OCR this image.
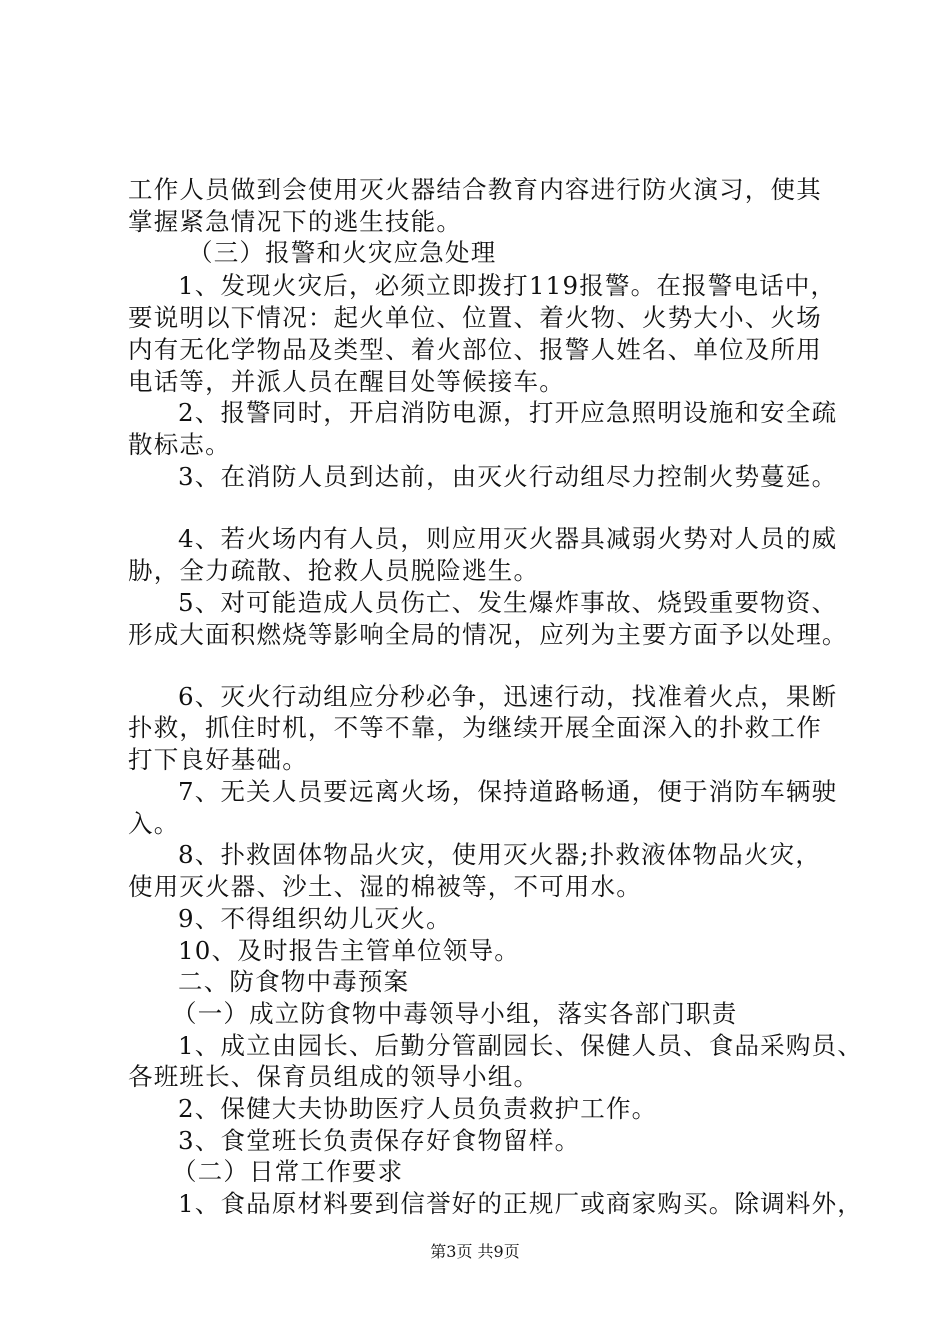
工作人员做到会使用灭火器结合教育内容进行防火演习，使其
掌握紧急情况下的逃生技能。
（三）报警和火灾应急处理
1、发现火灾后，必须立即拨打119报警。在报警电话中，
要说明以下情况：起火单位、位置、着火物、火势大小、火场
内有无化学物品及类型、着火部位、报警人姓名、单位及所用
电话等，并派人员在醒目处等候接车。
2、报警同时，开启消防电源，打开应急照明设施和安全疏
散标志。
3、在消防人员到达前，由灭火行动组尽力控制火势蔓延。
4、若火场内有人员，则应用灭火器具减弱火势对人员的威
胁，全力疏散、抢救人员脱险逃生。
5、对可能造成人员伤亡、发生爆炸事故、烧毁重要物资、
形成大面积燃烧等影响全局的情况，应列为主要方面予以处理。
6、灭火行动组应分秒必争，迅速行动，找准着火点，果断
扑救，抓住时机，不等不靠，为继续开展全面深入的扑救工作
打下良好基础。
7、无关人员要远离火场，保持道路畅通，便于消防车辆驶
入。
8、扑救固体物品火灾，使用灭火器;扑救液体物品火灾，
使用灭火器、沙土、湿的棉被等，不可用水。
9、不得组织幼儿灭火。
10、及时报告主管单位领导。
二、防食物中毒预案
（一）成立防食物中毒领导小组，落实各部门职责
1、成立由园长、后勤分管副园长、保健人员、食品采购员、
各班班长、保育员组成的领导小组。
2、保健大夫协助医疗人员负责救护工作。
3、食堂班长负责保存好食物留样。
（二）日常工作要求
1、食品原材料要到信誉好的正规厂或商家购买。除调料外，
第3页 共9页
